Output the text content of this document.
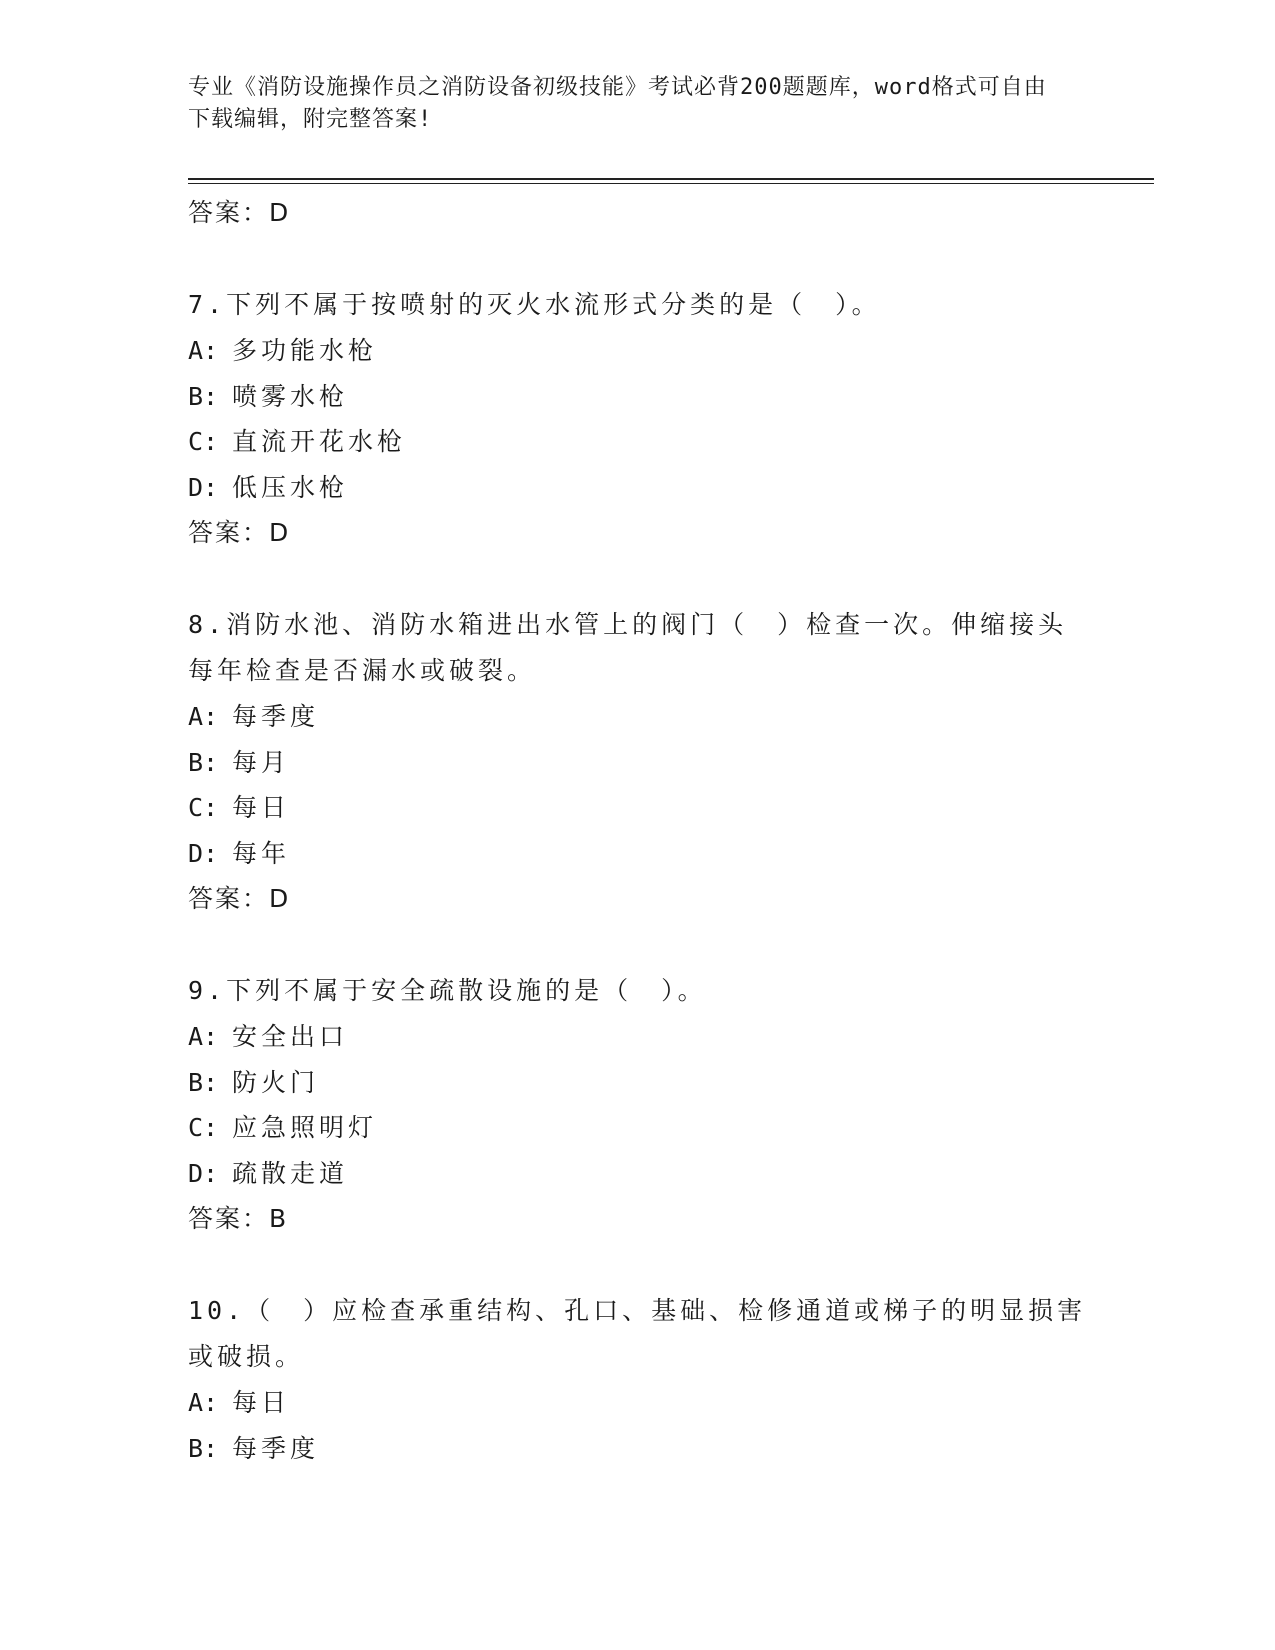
专业《消防设施操作员之消防设备初级技能》考试必背200题题库，word格式可自由下载编辑，附完整答案!
答案：D

7.下列不属于按喷射的灭火水流形式分类的是（　）。

A: 多功能水枪
B: 喷雾水枪
C: 直流开花水枪
D: 低压水枪
答案：D

8.消防水池、消防水箱进出水管上的阀门（　）检查一次。伸缩接头每年检查是否漏水或破裂。

A: 每季度
B: 每月
C: 每日
D: 每年
答案：D

9.下列不属于安全疏散设施的是（　）。

A: 安全出口
B: 防火门
C: 应急照明灯
D: 疏散走道
答案：B

10.（　）应检查承重结构、孔口、基础、检修通道或梯子的明显损害或破损。

A: 每日
B: 每季度
